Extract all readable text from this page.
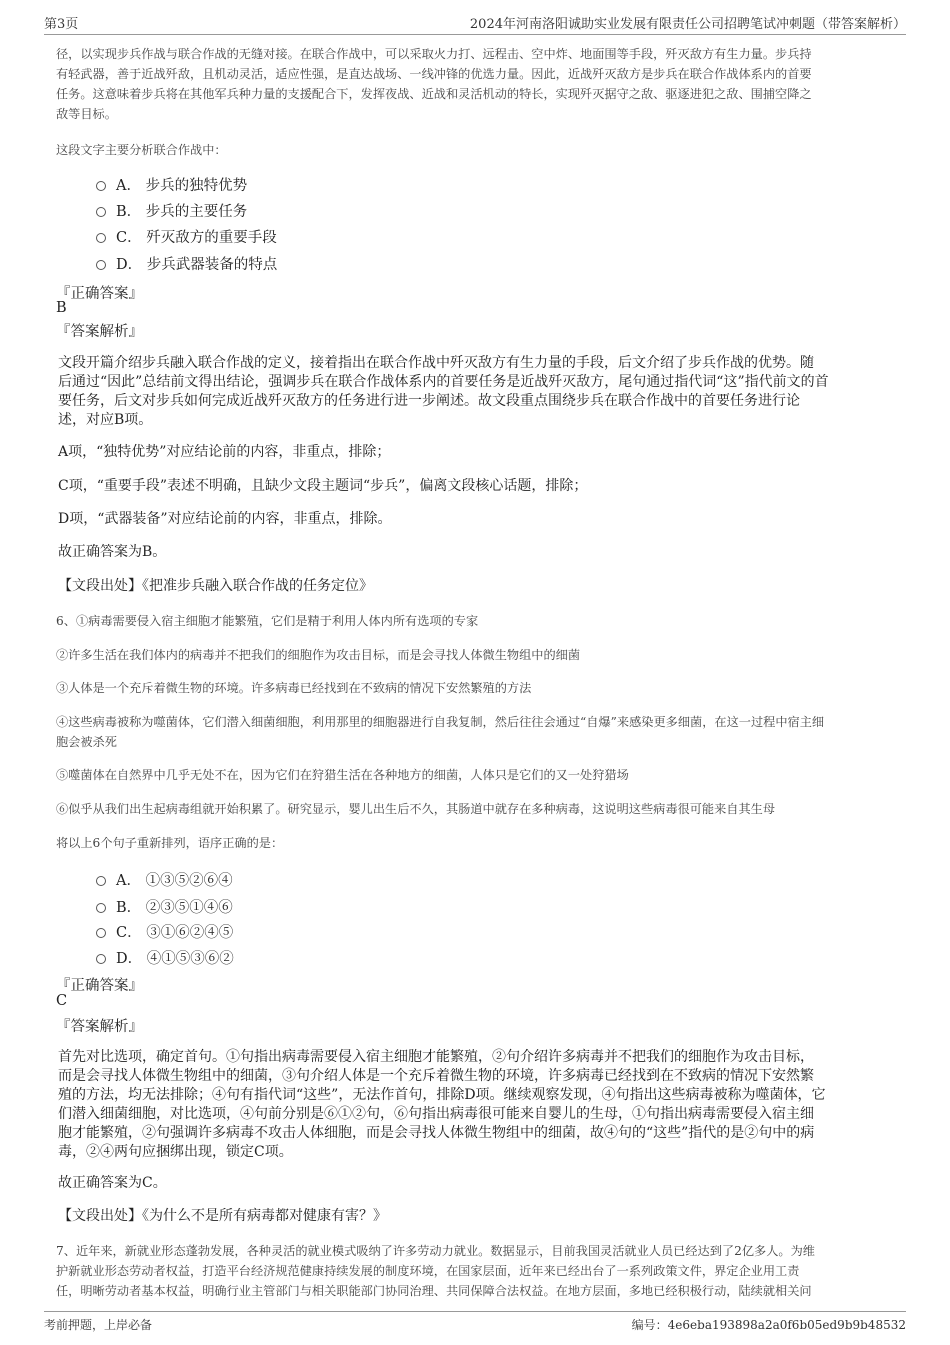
第3页	2024年河南洛阳诚助实业发展有限责任公司招聘笔试冲刺题（带答案解析）
径，以实现步兵作战与联合作战的无缝对接。在联合作战中，可以采取火力打、远程击、空中炸、地面围等手段，歼灭敌方有生力量。步兵持
有轻武器，善于近战歼敌，且机动灵活，适应性强，是直达战场、一线冲锋的优选力量。因此，近战歼灭敌方是步兵在联合作战体系内的首要
任务。这意味着步兵将在其他军兵种力量的支援配合下，发挥夜战、近战和灵活机动的特长，实现歼灭据守之敌、驱逐进犯之敌、围捕空降之
敌等目标。
这段文字主要分析联合作战中：
A． 步兵的独特优势
B． 步兵的主要任务
C． 歼灭敌方的重要手段
D． 步兵武器装备的特点
『正确答案』
B
『答案解析』
文段开篇介绍步兵融入联合作战的定义，接着指出在联合作战中歼灭敌方有生力量的手段，后文介绍了步兵作战的优势。随
后通过“因此”总结前文得出结论，强调步兵在联合作战体系内的首要任务是近战歼灭敌方，尾句通过指代词“这”指代前文的首
要任务，后文对步兵如何完成近战歼灭敌方的任务进行进一步阐述。故文段重点围绕步兵在联合作战中的首要任务进行论
述，对应B项。
A项，“独特优势”对应结论前的内容，非重点，排除；
C项，“重要手段”表述不明确，且缺少文段主题词“步兵”，偏离文段核心话题，排除；
D项，“武器装备”对应结论前的内容，非重点，排除。
故正确答案为B。
【文段出处】《把准步兵融入联合作战的任务定位》
6、①病毒需要侵入宿主细胞才能繁殖，它们是精于利用人体内所有选项的专家
②许多生活在我们体内的病毒并不把我们的细胞作为攻击目标，而是会寻找人体微生物组中的细菌
③人体是一个充斥着微生物的环境。许多病毒已经找到在不致病的情况下安然繁殖的方法
④这些病毒被称为噬菌体，它们潜入细菌细胞，利用那里的细胞器进行自我复制，然后往往会通过“自爆”来感染更多细菌，在这一过程中宿主细
胞会被杀死
⑤噬菌体在自然界中几乎无处不在，因为它们在狩猎生活在各种地方的细菌，人体只是它们的又一处狩猎场
⑥似乎从我们出生起病毒组就开始积累了。研究显示，婴儿出生后不久，其肠道中就存在多种病毒，这说明这些病毒很可能来自其生母
将以上6个句子重新排列，语序正确的是：
A． ①③⑤②⑥④
B． ②③⑤①④⑥
C． ③①⑥②④⑤
D． ④①⑤③⑥②
『正确答案』
C
『答案解析』
首先对比选项，确定首句。①句指出病毒需要侵入宿主细胞才能繁殖，②句介绍许多病毒并不把我们的细胞作为攻击目标，
而是会寻找人体微生物组中的细菌，③句介绍人体是一个充斥着微生物的环境，许多病毒已经找到在不致病的情况下安然繁
殖的方法，均无法排除；④句有指代词“这些”，无法作首句，排除D项。继续观察发现，④句指出这些病毒被称为噬菌体，它
们潜入细菌细胞，对比选项，④句前分别是⑥①②句，⑥句指出病毒很可能来自婴儿的生母，①句指出病毒需要侵入宿主细
胞才能繁殖，②句强调许多病毒不攻击人体细胞，而是会寻找人体微生物组中的细菌，故④句的“这些”指代的是②句中的病
毒，②④两句应捆绑出现，锁定C项。
故正确答案为C。
【文段出处】《为什么不是所有病毒都对健康有害？》
7、近年来，新就业形态蓬勃发展，各种灵活的就业模式吸纳了许多劳动力就业。数据显示，目前我国灵活就业人员已经达到了2亿多人。为维
护新就业形态劳动者权益，打造平台经济规范健康持续发展的制度环境，在国家层面，近年来已经出台了一系列政策文件，界定企业用工责
任，明晰劳动者基本权益，明确行业主管部门与相关职能部门协同治理、共同保障合法权益。在地方层面，多地已经积极行动，陆续就相关问
考前押题，上岸必备	编号：4e6eba193898a2a0f6b05ed9b9b48532
